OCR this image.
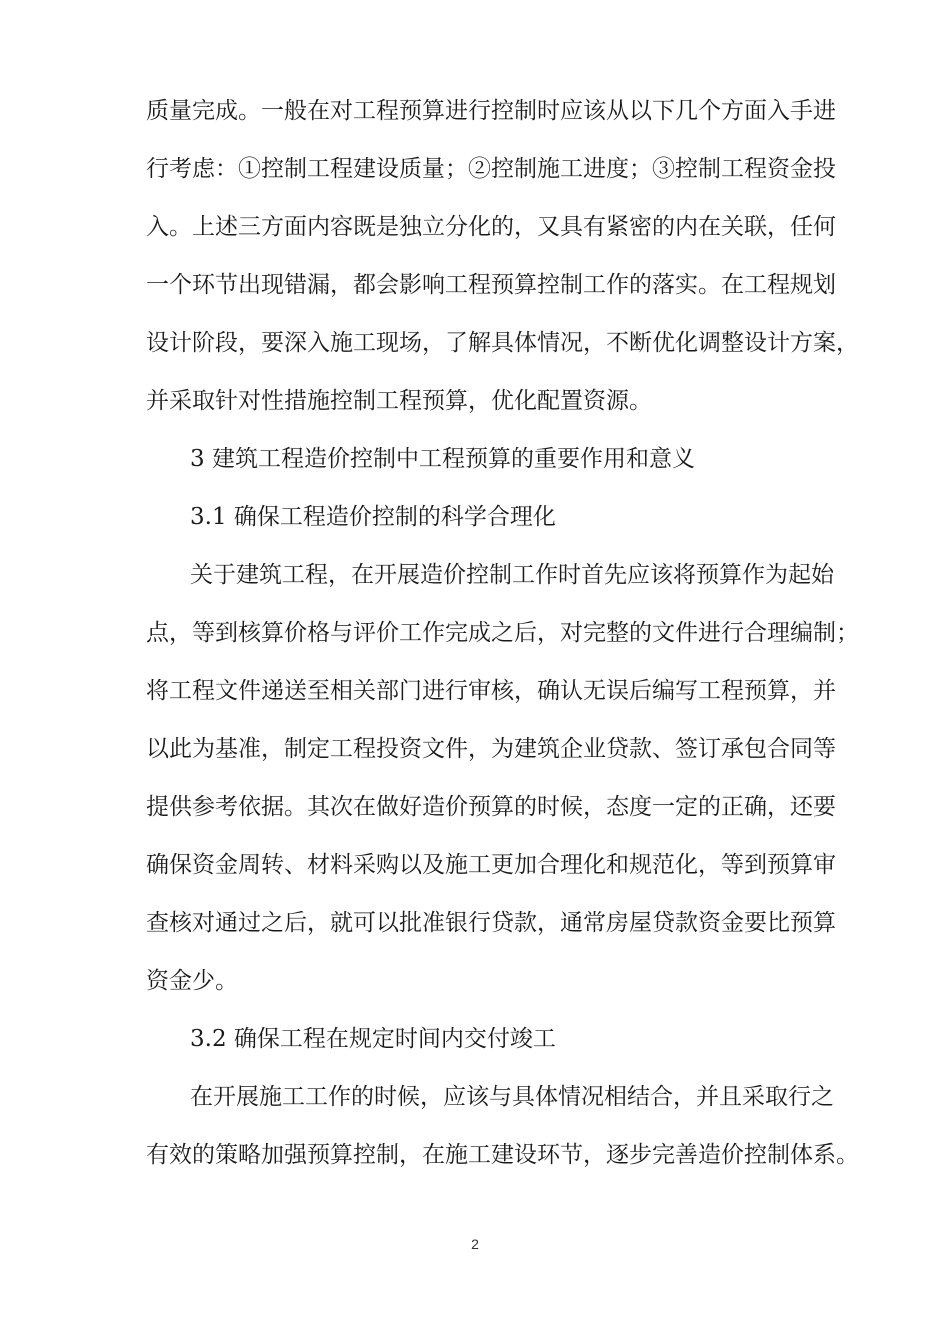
质量完成。一般在对工程预算进行控制时应该从以下几个方面入手进
行考虑：①控制工程建设质量；②控制施工进度；③控制工程资金投
入。上述三方面内容既是独立分化的，又具有紧密的内在关联，任何
一个环节出现错漏，都会影响工程预算控制工作的落实。在工程规划
设计阶段，要深入施工现场，了解具体情况，不断优化调整设计方案，
并采取针对性措施控制工程预算，优化配置资源。
3 建筑工程造价控制中工程预算的重要作用和意义
3.1 确保工程造价控制的科学合理化
关于建筑工程，在开展造价控制工作时首先应该将预算作为起始
点，等到核算价格与评价工作完成之后，对完整的文件进行合理编制；
将工程文件递送至相关部门进行审核，确认无误后编写工程预算，并
以此为基准，制定工程投资文件，为建筑企业贷款、签订承包合同等
提供参考依据。其次在做好造价预算的时候，态度一定的正确，还要
确保资金周转、材料采购以及施工更加合理化和规范化，等到预算审
查核对通过之后，就可以批准银行贷款，通常房屋贷款资金要比预算
资金少。
3.2 确保工程在规定时间内交付竣工
在开展施工工作的时候，应该与具体情况相结合，并且采取行之
有效的策略加强预算控制，在施工建设环节，逐步完善造价控制体系。
2
